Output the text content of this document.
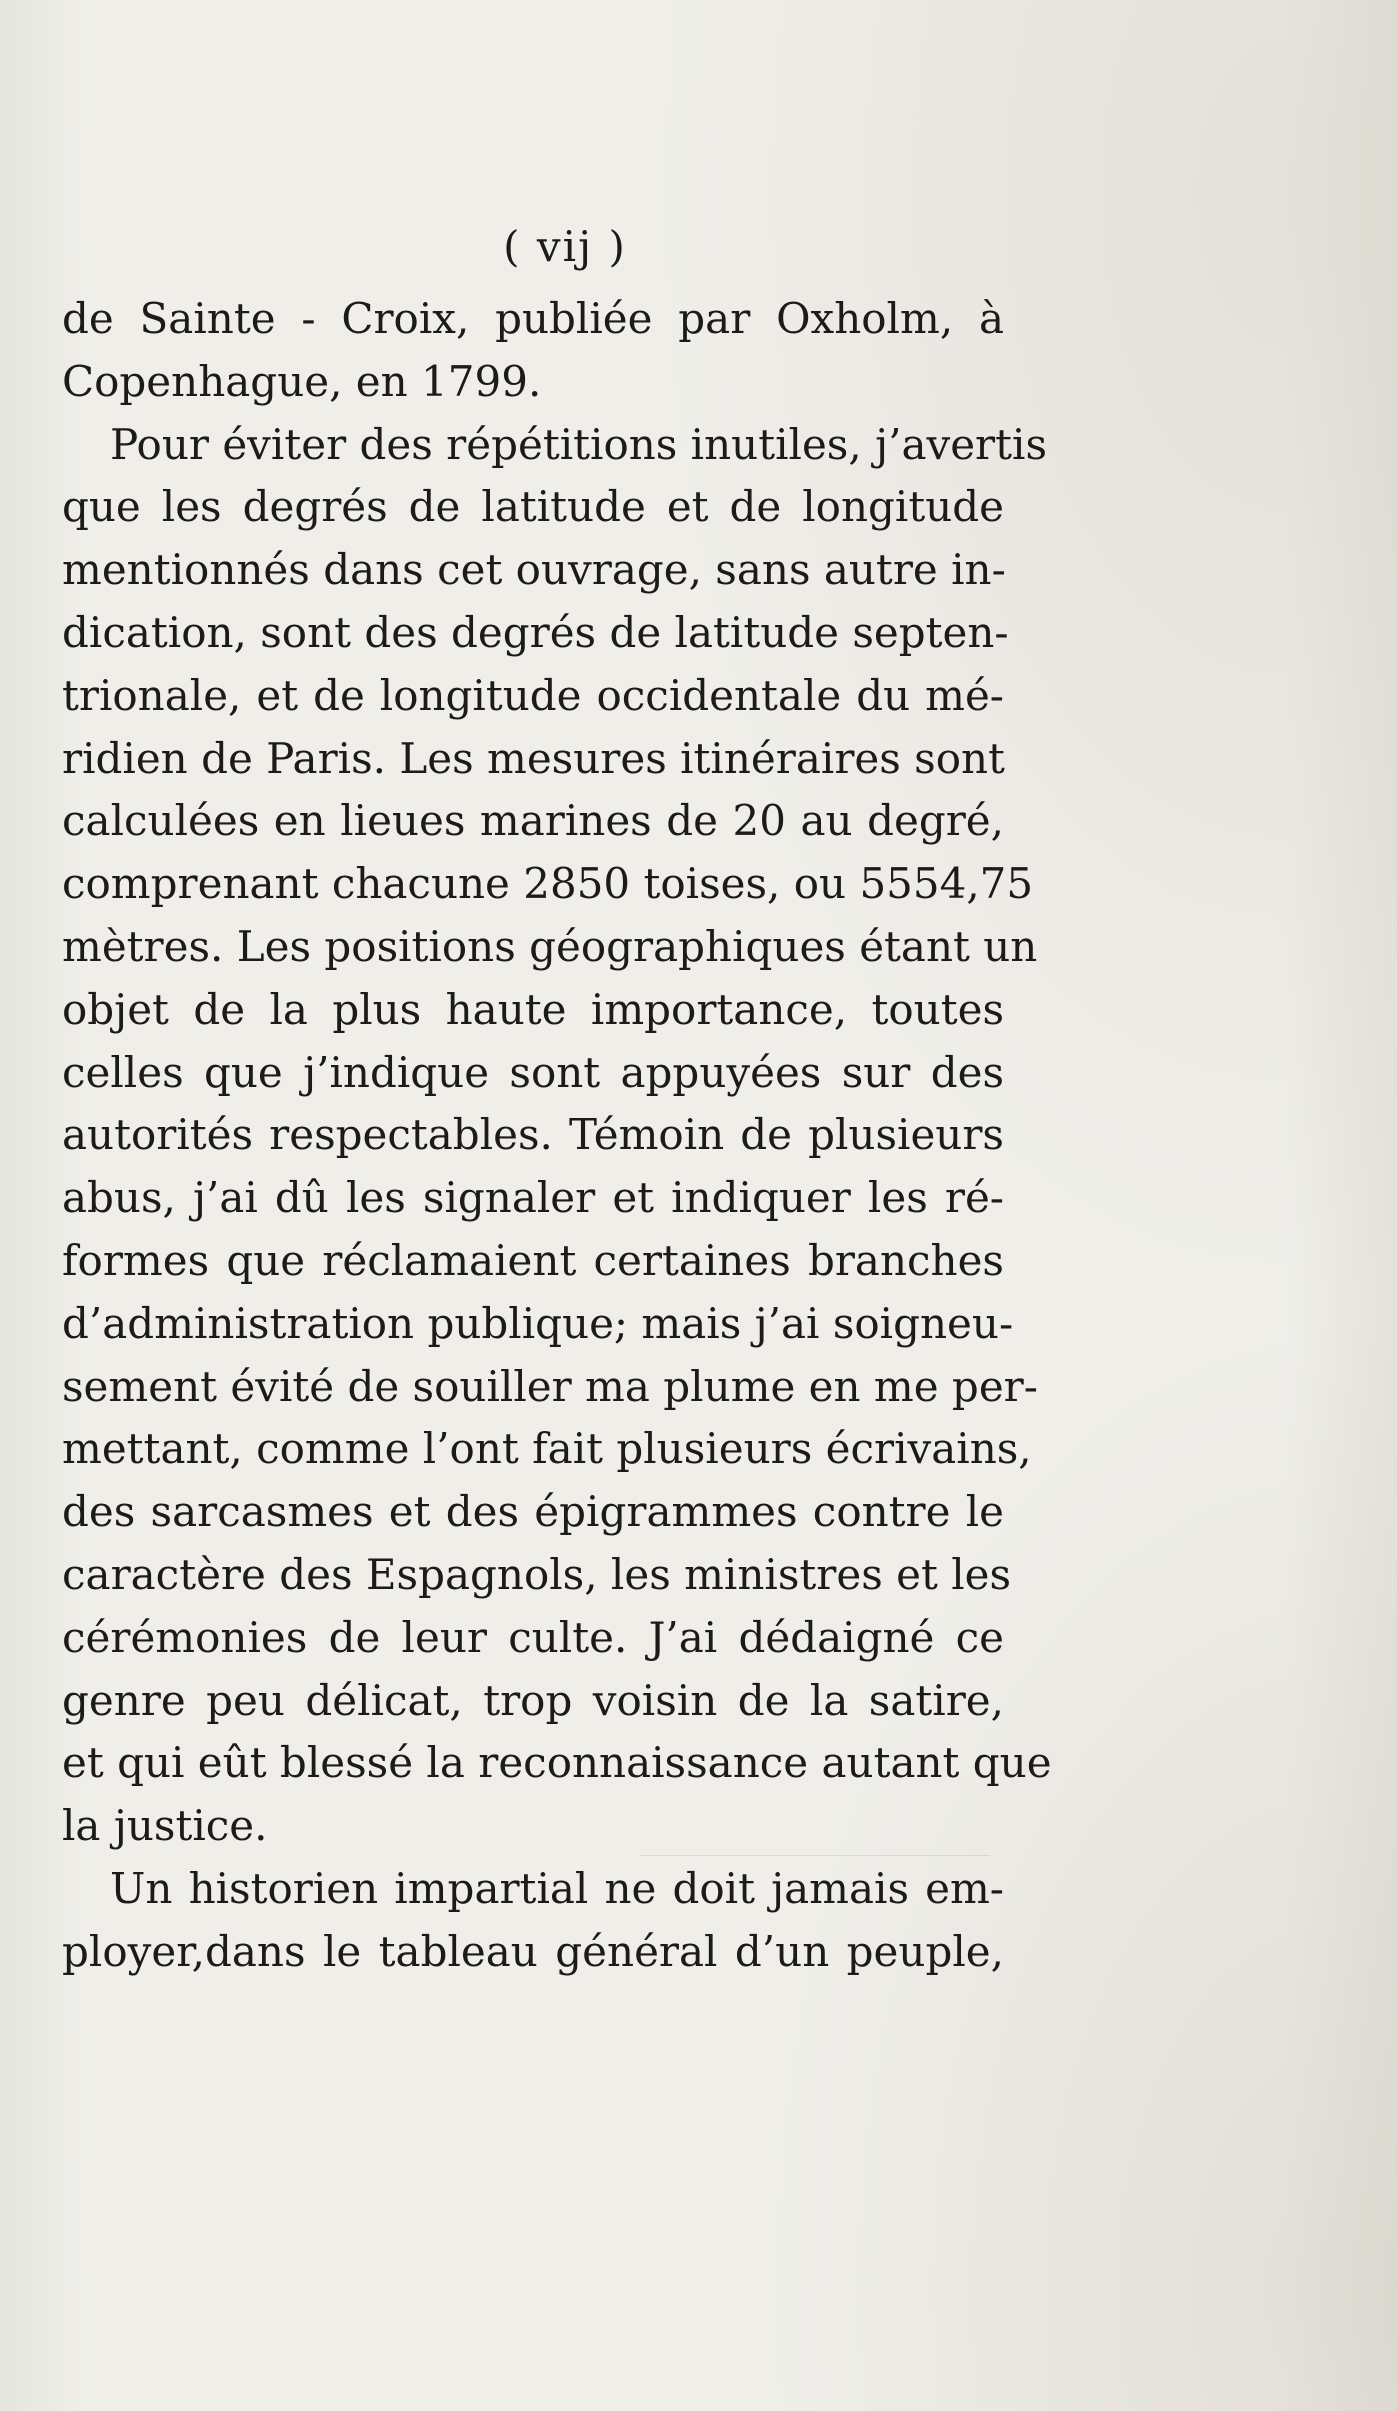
( vij )
de Sainte - Croix, publiée par Oxholm, à
Copenhague, en 1799.
Pour éviter des répétitions inutiles, j’avertis
que les degrés de latitude et de longitude
mentionnés dans cet ouvrage, sans autre in-
dication, sont des degrés de latitude septen-
trionale, et de longitude occidentale du mé-
ridien de Paris. Les mesures itinéraires sont
calculées en lieues marines de 20 au degré,
comprenant chacune 2850 toises, ou 5554,75
mètres. Les positions géographiques étant un
objet de la plus haute importance, toutes
celles que j’indique sont appuyées sur des
autorités respectables. Témoin de plusieurs
abus, j’ai dû les signaler et indiquer les ré-
formes que réclamaient certaines branches
d’administration publique; mais j’ai soigneu-
sement évité de souiller ma plume en me per-
mettant, comme l’ont fait plusieurs écrivains,
des sarcasmes et des épigrammes contre le
caractère des Espagnols, les ministres et les
cérémonies de leur culte. J’ai dédaigné ce
genre peu délicat, trop voisin de la satire,
et qui eût blessé la reconnaissance autant que
la justice.
Un historien impartial ne doit jamais em-
ployer,dans le tableau général d’un peuple,
